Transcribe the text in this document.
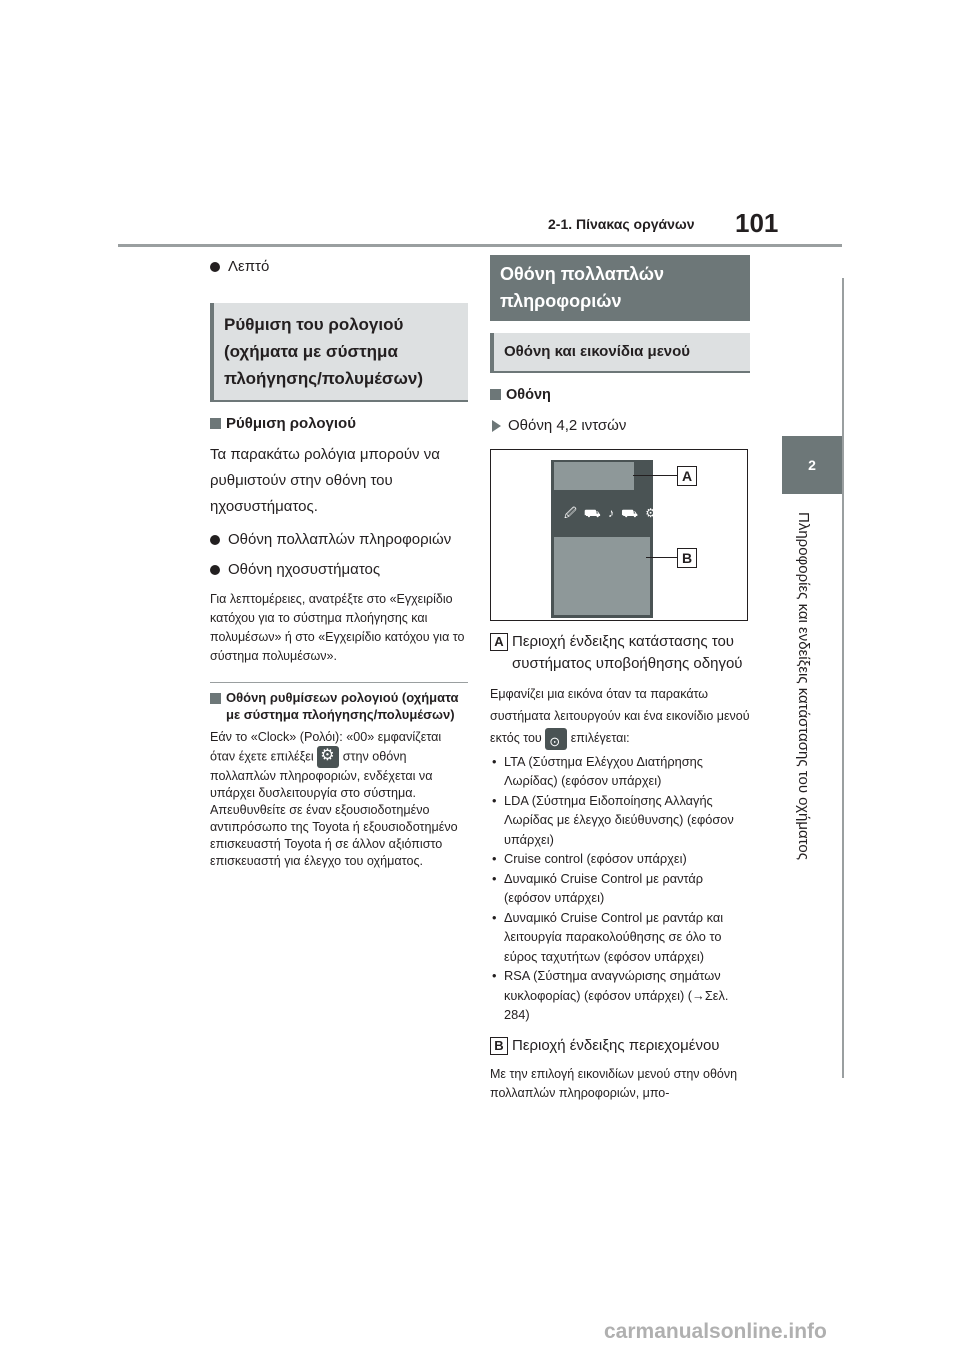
2-1. Πίνακας οργάνων 101
2
Πληροφορίες και ενδείξεις κατάστασης του οχήματος
Λεπτό
Ρύθμιση του ρολογιού (οχήματα με σύστημα πλοήγησης/πολυμέσων)
Ρύθμιση ρολογιού
Τα παρακάτω ρολόγια μπορούν να ρυθμιστούν στην οθόνη του ηχοσυστήματος.
Οθόνη πολλαπλών πληροφοριών
Οθόνη ηχοσυστήματος
Για λεπτομέρειες, ανατρέξτε στο «Εγχειρίδιο κατόχου για το σύστημα πλοήγησης και πολυμέσων» ή στο «Εγχειρίδιο κατόχου για το σύστημα πολυμέσων».
Οθόνη ρυθμίσεων ρολογιού (οχήματα με σύστημα πλοήγησης/πολυμέσων)
Εάν το «Clock» (Ρολόι): «00» εμφανίζεται όταν έχετε επιλέξει ⚙ στην οθόνη πολλαπλών πληροφοριών, ενδέχεται να υπάρχει δυσλειτουργία στο σύστημα. Απευθυνθείτε σε έναν εξουσιοδοτημένο αντιπρόσωπο της Toyota ή εξουσιοδοτημένο επισκευαστή Toyota ή σε άλλον αξιόπιστο επισκευαστή για έλεγχο του οχήματος.
Οθόνη πολλαπλών πληροφοριών
Οθόνη και εικονίδια μενού
Οθόνη
Οθόνη 4,2 ιντσών
🖉 ⛟ ♪ ⛟ ⚙ ⚠
A
B
A Περιοχή ένδειξης κατάστασης του συστήματος υποβοήθησης οδηγού
Εμφανίζει μια εικόνα όταν τα παρακάτω συστήματα λειτουργούν και ένα εικονίδιο μενού εκτός του ⊙ επιλέγεται:
• LTA (Σύστημα Ελέγχου Διατήρησης Λωρίδας) (εφόσον υπάρχει)
• LDA (Σύστημα Ειδοποίησης Αλλαγής Λωρίδας με έλεγχο διεύθυνσης) (εφόσον υπάρχει)
• Cruise control (εφόσον υπάρχει)
• Δυναμικό Cruise Control με ραντάρ (εφόσον υπάρχει)
• Δυναμικό Cruise Control με ραντάρ και λειτουργία παρακολούθησης σε όλο το εύρος ταχυτήτων (εφόσον υπάρχει)
• RSA (Σύστημα αναγνώρισης σημάτων κυκλοφορίας) (εφόσον υπάρχει) (→Σελ. 284)
B Περιοχή ένδειξης περιεχομένου
Με την επιλογή εικονιδίων μενού στην οθόνη πολλαπλών πληροφοριών, μπο-
carmanualsonline.info
